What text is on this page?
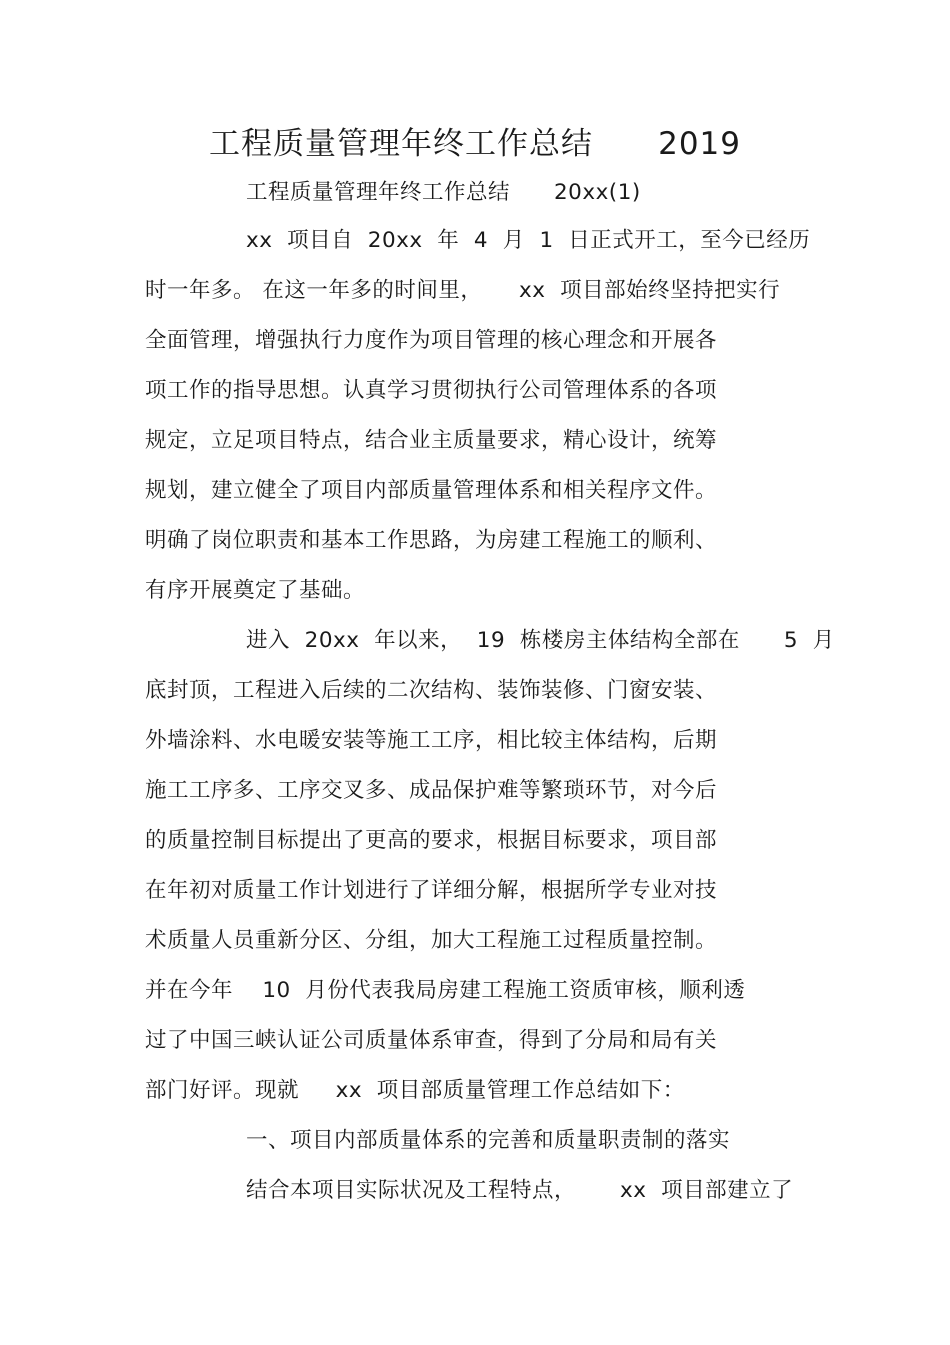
工程质量管理年终工作总结      2019
工程质量管理年终工作总结      20xx(1)
xx  项目自  20xx  年  4  月  1  日正式开工，至今已经历
时一年多。 在这一年多的时间里，     xx  项目部始终坚持把实行
全面管理，增强执行力度作为项目管理的核心理念和开展各
项工作的指导思想。认真学习贯彻执行公司管理体系的各项
规定，立足项目特点，结合业主质量要求，精心设计，统筹
规划，建立健全了项目内部质量管理体系和相关程序文件。
明确了岗位职责和基本工作思路，为房建工程施工的顺利、
有序开展奠定了基础。
进入  20xx  年以来，  19  栋楼房主体结构全部在      5  月
底封顶，工程进入后续的二次结构、装饰装修、门窗安装、
外墙涂料、水电暖安装等施工工序，相比较主体结构，后期
施工工序多、工序交叉多、成品保护难等繁琐环节，对今后
的质量控制目标提出了更高的要求，根据目标要求，项目部
在年初对质量工作计划进行了详细分解，根据所学专业对技
术质量人员重新分区、分组，加大工程施工过程质量控制。
并在今年    10  月份代表我局房建工程施工资质审核，顺利透
过了中国三峡认证公司质量体系审查，得到了分局和局有关
部门好评。现就     xx  项目部质量管理工作总结如下：
一、项目内部质量体系的完善和质量职责制的落实
结合本项目实际状况及工程特点，      xx  项目部建立了
